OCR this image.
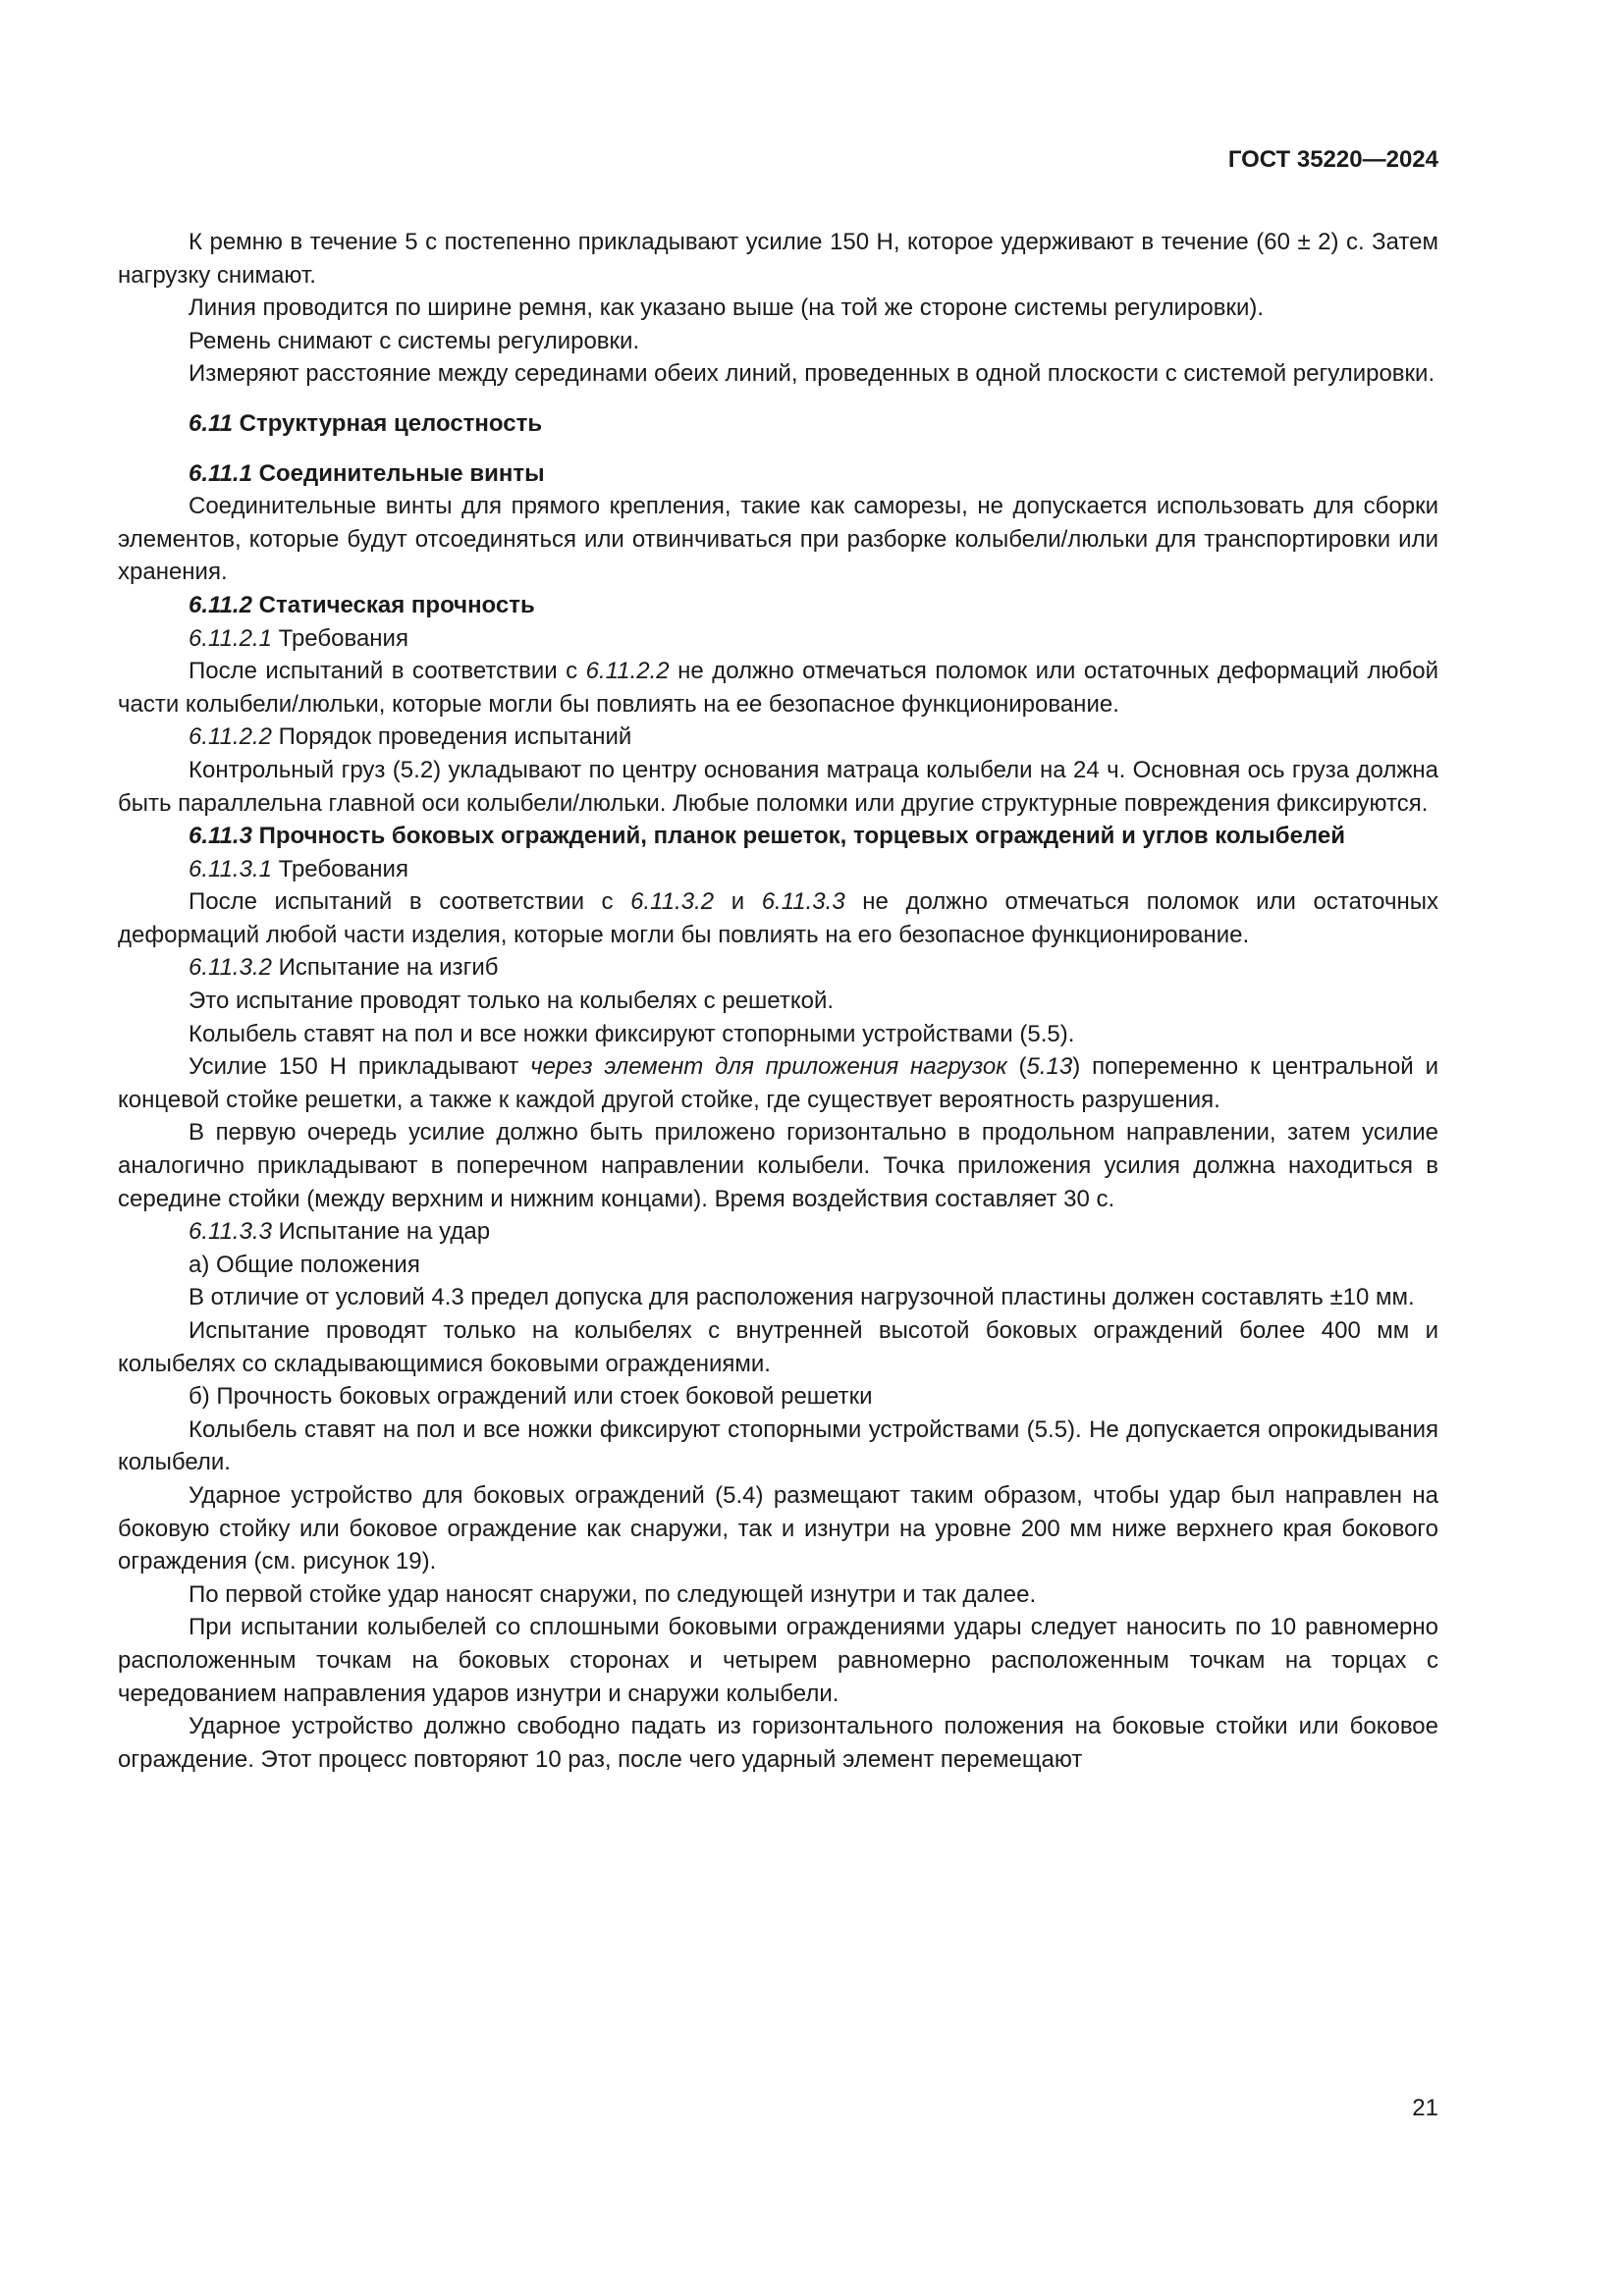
ГОСТ 35220—2024

К ремню в течение 5 с постепенно прикладывают усилие 150 Н, которое удерживают в течение (60 ± 2) с. Затем нагрузку снимают.

Линия проводится по ширине ремня, как указано выше (на той же стороне системы регулировки).

Ремень снимают с системы регулировки.

Измеряют расстояние между серединами обеих линий, проведенных в одной плоскости с системой регулировки.

6.11 Структурная целостность

6.11.1 Соединительные винты

Соединительные винты для прямого крепления, такие как саморезы, не допускается использовать для сборки элементов, которые будут отсоединяться или отвинчиваться при разборке колыбели/люльки для транспортировки или хранения.

6.11.2 Статическая прочность

6.11.2.1 Требования

После испытаний в соответствии с 6.11.2.2 не должно отмечаться поломок или остаточных деформаций любой части колыбели/люльки, которые могли бы повлиять на ее безопасное функционирование.

6.11.2.2 Порядок проведения испытаний

Контрольный груз (5.2) укладывают по центру основания матраца колыбели на 24 ч. Основная ось груза должна быть параллельна главной оси колыбели/люльки. Любые поломки или другие структурные повреждения фиксируются.

6.11.3 Прочность боковых ограждений, планок решеток, торцевых ограждений и углов колыбелей

6.11.3.1 Требования

После испытаний в соответствии с 6.11.3.2 и 6.11.3.3 не должно отмечаться поломок или остаточных деформаций любой части изделия, которые могли бы повлиять на его безопасное функционирование.

6.11.3.2 Испытание на изгиб

Это испытание проводят только на колыбелях с решеткой.

Колыбель ставят на пол и все ножки фиксируют стопорными устройствами (5.5).

Усилие 150 Н прикладывают через элемент для приложения нагрузок (5.13) попеременно к центральной и концевой стойке решетки, а также к каждой другой стойке, где существует вероятность разрушения.

В первую очередь усилие должно быть приложено горизонтально в продольном направлении, затем усилие аналогично прикладывают в поперечном направлении колыбели. Точка приложения усилия должна находиться в середине стойки (между верхним и нижним концами). Время воздействия составляет 30 с.

6.11.3.3 Испытание на удар

а) Общие положения

В отличие от условий 4.3 предел допуска для расположения нагрузочной пластины должен составлять ±10 мм.

Испытание проводят только на колыбелях с внутренней высотой боковых ограждений более 400 мм и колыбелях со складывающимися боковыми ограждениями.

б) Прочность боковых ограждений или стоек боковой решетки

Колыбель ставят на пол и все ножки фиксируют стопорными устройствами (5.5). Не допускается опрокидывания колыбели.

Ударное устройство для боковых ограждений (5.4) размещают таким образом, чтобы удар был направлен на боковую стойку или боковое ограждение как снаружи, так и изнутри на уровне 200 мм ниже верхнего края бокового ограждения (см. рисунок 19).

По первой стойке удар наносят снаружи, по следующей изнутри и так далее.

При испытании колыбелей со сплошными боковыми ограждениями удары следует наносить по 10 равномерно расположенным точкам на боковых сторонах и четырем равномерно расположенным точкам на торцах с чередованием направления ударов изнутри и снаружи колыбели.

Ударное устройство должно свободно падать из горизонтального положения на боковые стойки или боковое ограждение. Этот процесс повторяют 10 раз, после чего ударный элемент перемещают

21
